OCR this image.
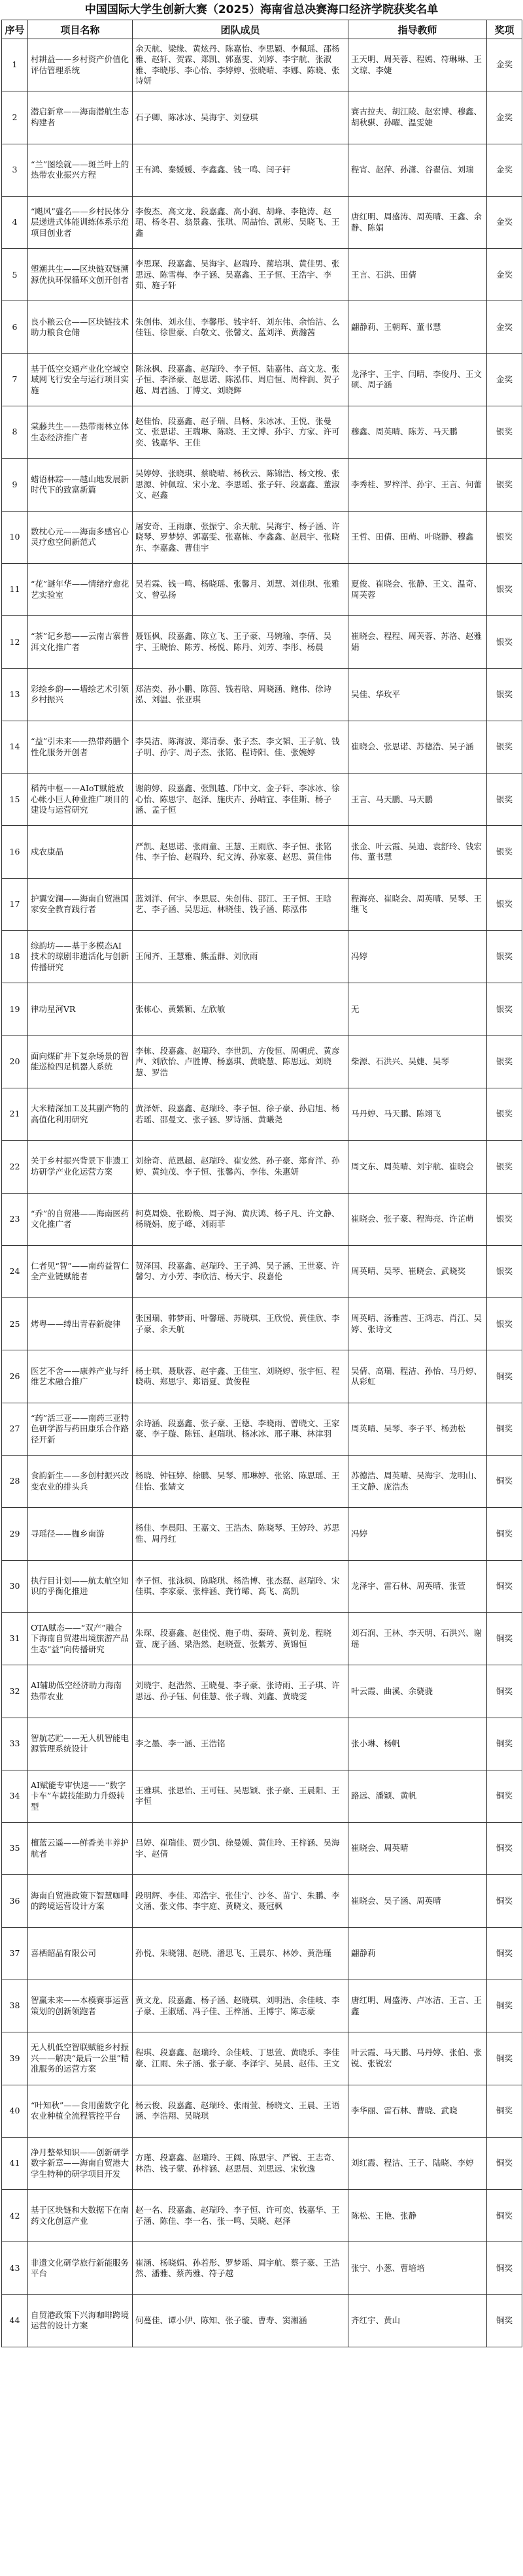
中国国际大学生创新大赛（2025）海南省总决赛海口经济学院获奖名单
序号	项目名称	团队成员	指导教师	奖项
1	村耕益——乡村资产价值化评估管理系统	余天航、梁缘、黄炫丹、陈嘉怡、李思颖、李佩瑶、邵杨雅、赵轩、贺霖、郑凯、郭嘉雯、刘婷、李宇航、张淑雅、李晓彤、李心怡、李婷婷、张晓晴、李娜、陈晓、张诗妍	王天明、周芙蓉、程嫣、符琳琳、王文琼、李婕	金奖
2	潜启新章——海南潜航生态构建者	石子卿、陈冰冰、吴海宇、刘登琪	赛古拉夫、胡江陵、赵宏博、穆鑫、胡秋骐、孙曜、温雯婕	金奖
3	“兰”图绘就——斑兰叶上的热带农业振兴方程	王有鸿、秦媛媛、李鑫鑫、钱一鸣、闫子轩	程宵、赵萍、孙潇、谷翟信、刘瑞	金奖
4	“飓风”盛名——乡村民体分层递进式体能训练体系示范项目创业者	李俊杰、高文龙、段嘉鑫、高小润、胡峰、李艳涛、赵珺、杨冬君、翁景鑫、张琪、周喆怡、凯彬、吴晓飞、王鑫	唐红明、周盛涛、周英晴、王鑫、余静、陈娟	金奖
5	塑潮共生——区块链双链溯源优执环保循环文创开创者	李思琛、段嘉鑫、吴海宇、赵瑞玲、蔺培琪、黄佳男、张思远、陈雪梅、李子涵、吴嘉鑫、王子恒、王浩宇、李茹、施子轩	王言、石洪、田倩	金奖
6	良小粮云仓——区块链技术助力粮食仓储	朱创伟、刘永佳、李馨彤、钱宇轩、刘东伟、余怡洁、么佳钰、徐世豪、白敬文、张馨文、蓝刘洋、黄瀚茜	翩静莉、王朝晖、董书慧	金奖
7	基于低空交通产业化空域空域网飞行安全与运行项目实施	陈泳枫、段嘉鑫、赵瑞玲、李子恒、陆嘉伟、高文龙、张子恒、李泽豪、赵思诺、陈泓伟、周启恒、周梓润、贺子越、周君涵、丁博文、刘晓辉	龙泽宇、王宇、闫晴、李俊丹、王文硕、周子涵	金奖
8	棠藤共生——热带雨林立体生态经济推广者	赵佳怡、段嘉鑫、赵子瑞、吕畅、朱冰冰、王悦、张曼文、张思诺、王瑞琳、陈晓、王文博、孙宇、方家、许可奕、钱嘉华、王佳	穆鑫、周英晴、陈芳、马天鹏	银奖
9	蜡语林踪——越山地发展新时代下的致富新篇	吴婷婷、张晓琪、蔡晓晴、杨秋云、陈锦浩、杨文梭、张思源、钟佩瑄、宋小龙、李思瑶、张子轩、段嘉鑫、董淑文、赵鑫	李秀桂、罗梓洋、孙宇、王言、何蕾	银奖
10	数枕心元——海南多感官心灵疗愈空间新范式	屠安奇、王雨康、张振宁、余天航、吴海宇、杨子涵、许晓琴、罗梦婷、郭嘉雯、张嘉栋、李鑫鑫、赵晨宇、张晓东、李嘉鑫、曹佳宇	王哲、田倩、田萌、叶晓静、穆鑫	银奖
11	“花”謎年华——情绪疗愈花艺实验室	吴若霖、钱一鸣、杨晓瑶、张馨月、刘慧、刘佳琪、张雅文、曾弘扬	夏俊、崔晓会、张静、王文、温奇、周芙蓉	银奖
12	“茶”记乡愁——云南古寨普洱文化推广者	聂钰枫、段嘉鑫、陈立飞、王子豪、马婉瑜、李倩、吴宇、王晓怡、陈芳、杨悦、陈丹、刘芳、李彤、杨晨	崔晓会、程程、周芙蓉、苏洛、赵雅娟	银奖
13	彩绘乡韵——墙绘艺术引领乡村振兴	郑洁奕、孙小鹏、陈茵、钱若晗、周晓涵、鲍伟、徐诗泓、刘温、张亚琪	吴佳、华玫平	银奖
14	“益”引未来——热带药膳个性化服务开创者	李昊洁、陈海波、郑清泰、张子杰、李文韬、王子航、钱子明、孙宇、周子杰、张铭、程诗阳、佳、张婉婷	崔晓会、张思诺、苏德浩、吴子涵	银奖
15	稻芮中枢——AIoT赋能放心帐小巨人种业推广项目的建设与运营研究	谢韵婷、段嘉鑫、张凯越、邝中文、金子轩、李冰冰、徐心怡、陈思宇、赵泽、施庆卉、孙晴宜、李佳斯、杨子涵、孟子恒	王言、马天鹏、马天鹏	银奖
16	戍农康晶	严凯、赵思诺、张雨童、王慧、王雨欣、李子恒、张铭伟、李子怡、赵瑞玲、纪文涛、孙家豪、赵思、黄佳伟	张金、叶云霞、吴迪、袁舒玲、钱宏伟、董书慧	银奖
17	护翼安澜——海南自贸港国家安全教育践行者	蓝刘洋、何宇、李思辰、朱创伟、邵江、王子恒、王晗艺、李子涵、吴思远、林晓佳、钱子涵、陈泓伟	程海亮、崔晓会、周英晴、吴琴、王继飞	银奖
18	综韵坊——基于多模态AI技术的琼剧非遗活化与创新传播研究	王闻齐、王慧雅、熊孟群、刘欣雨	冯婷	银奖
19	律动星河VR	张栋心、黄紫颖、左欣敏	无	银奖
20	面向煤矿井下复杂场景的智能巡检四足机器人系统	李栋、段嘉鑫、赵瑞玲、李世凯、方俊恒、周朝虎、黄彦声、刘欣怡、卢胜博、杨嘉琪、黄晓慧、陈思远、刘晓慧、罗浩	柴源、石洪兴、吴婕、吴琴	银奖
21	大米精深加工及其副产物的高值化利用研究	黄泽妍、段嘉鑫、赵瑞玲、李子恒、徐子豪、孙启旭、杨若瑶、邵曼文、张子涵、罗诗涵、黄曦尧	马丹婷、马天鹏、陈翊飞	银奖
22	关于乡村振兴背景下非遗工坊研学产业化运营方案	刘徐奇、范恩超、赵瑞玲、崔安然、孙子豪、郑育洋、孙婷、黄纯茂、李子恒、张馨芮、李伟、朱惠妍	周文东、周英晴、刘宇航、崔晓会	银奖
23	“乔”的自贸港——海南医药文化推广者	柯莫周焕、张盼焕、周子洵、黄庆鸿、杨子凡、许文静、杨晓娟、庞子峰、刘雨菲	崔晓会、张子豪、程海亮、许芷萌	银奖
24	仁者见“智”——南药益智仁全产业链赋能者	贺泽国、段嘉鑫、赵瑞玲、王子鸿、吴子涵、王世豪、许馨匀、方小芳、李欣洁、杨天宇、段嘉伦	周英晴、吴琴、崔晓会、武晓奖	银奖
25	烤粤——缚出青春新旋律	张国瑞、韩梦雨、叶馨瑶、苏晓琪、王欣悦、黄佳欣、李子豪、余天航	周英晴、汤雅茜、王鸿志、肖江、吴婷、张诗文	银奖
26	医艺不舍——康养产业与纤维艺术融合推广	杨士琪、聂耿蓉、赵宇鑫、王佳宝、刘晓婷、张宇恒、程晓萌、郑思宇、郑语夏、黄俊程	吴倩、高瑞、程洁、孙怡、马丹婷、从彩虹	铜奖
27	“药”活三亚——南药三亚特色研学游与药田康乐合作路径开新	余诗涵、段嘉鑫、张子豪、王德、李晓雨、曾晓文、王家豪、李子璇、陈钰、赵瑞琪、杨冰冰、邢子琳、林津羽	周英晴、吴琴、李子平、杨劲松	铜奖
28	食韵新生——多创村振兴改变农业的排头兵	杨晓、钟钰婷、徐鹏、吴琴、邢琳婷、张铭、陈思瑶、王佳怡、张婧文	苏德浩、周英晴、吴海宇、龙明山、王文静、庞浩杰	铜奖
29	寻瑶径——枷乡南游	杨佳、李晨阳、王嘉文、王浩杰、陈晓琴、王婷玲、苏思惟、周丹红	冯婷	铜奖
30	执行目计划——航太航空知识的乎衡化推进	李子恒、张泳枫、陈晓琪、杨浩博、张杰磊、赵瑞玲、宋佳琪、李家豪、张梓涵、龚竹晞、高飞、高凯	龙泽宇、雷石林、周英晴、张萱	铜奖
31	OTA赋态——“双产”融合下海南自贸港出境旅游产品生态“益”向传播研究	朱琛、段嘉鑫、赵佳悦、施子萌、秦琦、黄钊龙、程晓萱、庞子涵、梁浩然、赵晓萱、张紫芳、黄锦恒	刘石润、王林、李天明、石洪兴、谢瑶	铜奖
32	AI辅助低空经济助力海南热带农业	刘晓宇、赵浩然、王晓曼、李子豪、张诗雨、王子琪、许思远、孙子钰、何佳慧、张子瑞、刘鑫、黄晓雯	叶云霞、曲溪、余骁骁	铜奖
33	智航芯贮——无人机智能电源管理系统设计	李之墨、李一涵、王浩铭	张小琳、杨帆	铜奖
34	AI赋能专审快速——“数字卡车”车载技能助力升级转型	王雅琪、张思怡、王可钰、吴思颖、张子豪、王晨阳、王宇恒	路远、潘颖、黄帆	铜奖
35	檀蓝云遥——鲜香美丰养护航者	吕婷、崔瑞佳、贾少凯、徐曼媛、黄佳玲、王梓涵、吴海宇、赵倩	崔晓会、周英晴	铜奖
36	海南自贸港政策下智慧咖啡的跨境运营设计方案	段明辉、李佳、邓浩宇、张佳宁、沙冬、苗宁、朱鹏、李文涵、张文伟、李宇庭、黄晓文、聂冠枫	崔晓会、吴子涵、周英晴	铜奖
37	喜栖韶晶有限公司	孙悦、朱晓翎、赵晓、潘思飞、王晨东、林妙、黄浩瑾	翩静莉	铜奖
38	智赢未来——本模赛事运营策划的创新领跑者	黄文龙、段嘉鑫、杨子涵、赵晓琪、刘明浩、余佳岐、李子豪、王淑瑶、冯子佳、王梓涵、王博宇、陈志豪	唐红明、周盛涛、卢冰洁、王言、王鑫	铜奖
39	无人机低空智联赋能乡村振兴——解决“最后一公里”精准服务的运营方案	程琪、段嘉鑫、赵瑞玲、余佳岐、丁思萱、黄晓乐、李佳豪、江雨、朱子涵、张子豪、李泽宇、吴晨、赵伟、王文	叶云霞、马天鹏、马丹婷、张伯、张锐、张锐宏	铜奖
40	“叶知秋”——食用菌数字化农业种植全流程管控平台	杨云俊、段嘉鑫、赵瑞玲、张雨萱、杨晓文、王晨、王语涵、李浩翔、吴晓琪	李华丽、雷石林、曹晓、武晓	铜奖
41	净月整晕知识——创新研学数字新章——海南自贸港大学生特种的研学项目开发	方瑾、段嘉鑫、赵瑞玲、王阔、陈思宇、严锐、王志奇、林浩、钱子蒙、孙梓涵、赵思晨、刘思远、宋钦逸	刘红霞、程洁、王子、陆晓、李婷	铜奖
42	基于区块链和大数据下在南药文化创意产业	赵一名、段嘉鑫、赵瑞玲、李子恒、许可奕、钱嘉华、王子涵、陈佳、李一名、张一鸣、吴晓、赵泽	陈松、王艳、张静	铜奖
43	非遗文化研学旅行新能服务平台	崔涵、杨晓娟、孙若彤、罗梦瑶、周宇航、蔡子豪、王浩然、潘雅、蔡芮雅、符子越	张宁、小葱、曹培培	铜奖
44	自贸港政策下兴海咖啡跨境运营的设计方案	何蔓佳、谭小伊、陈知、张子璇、曹寿、窦湘涵	齐红宇、黄山	铜奖
